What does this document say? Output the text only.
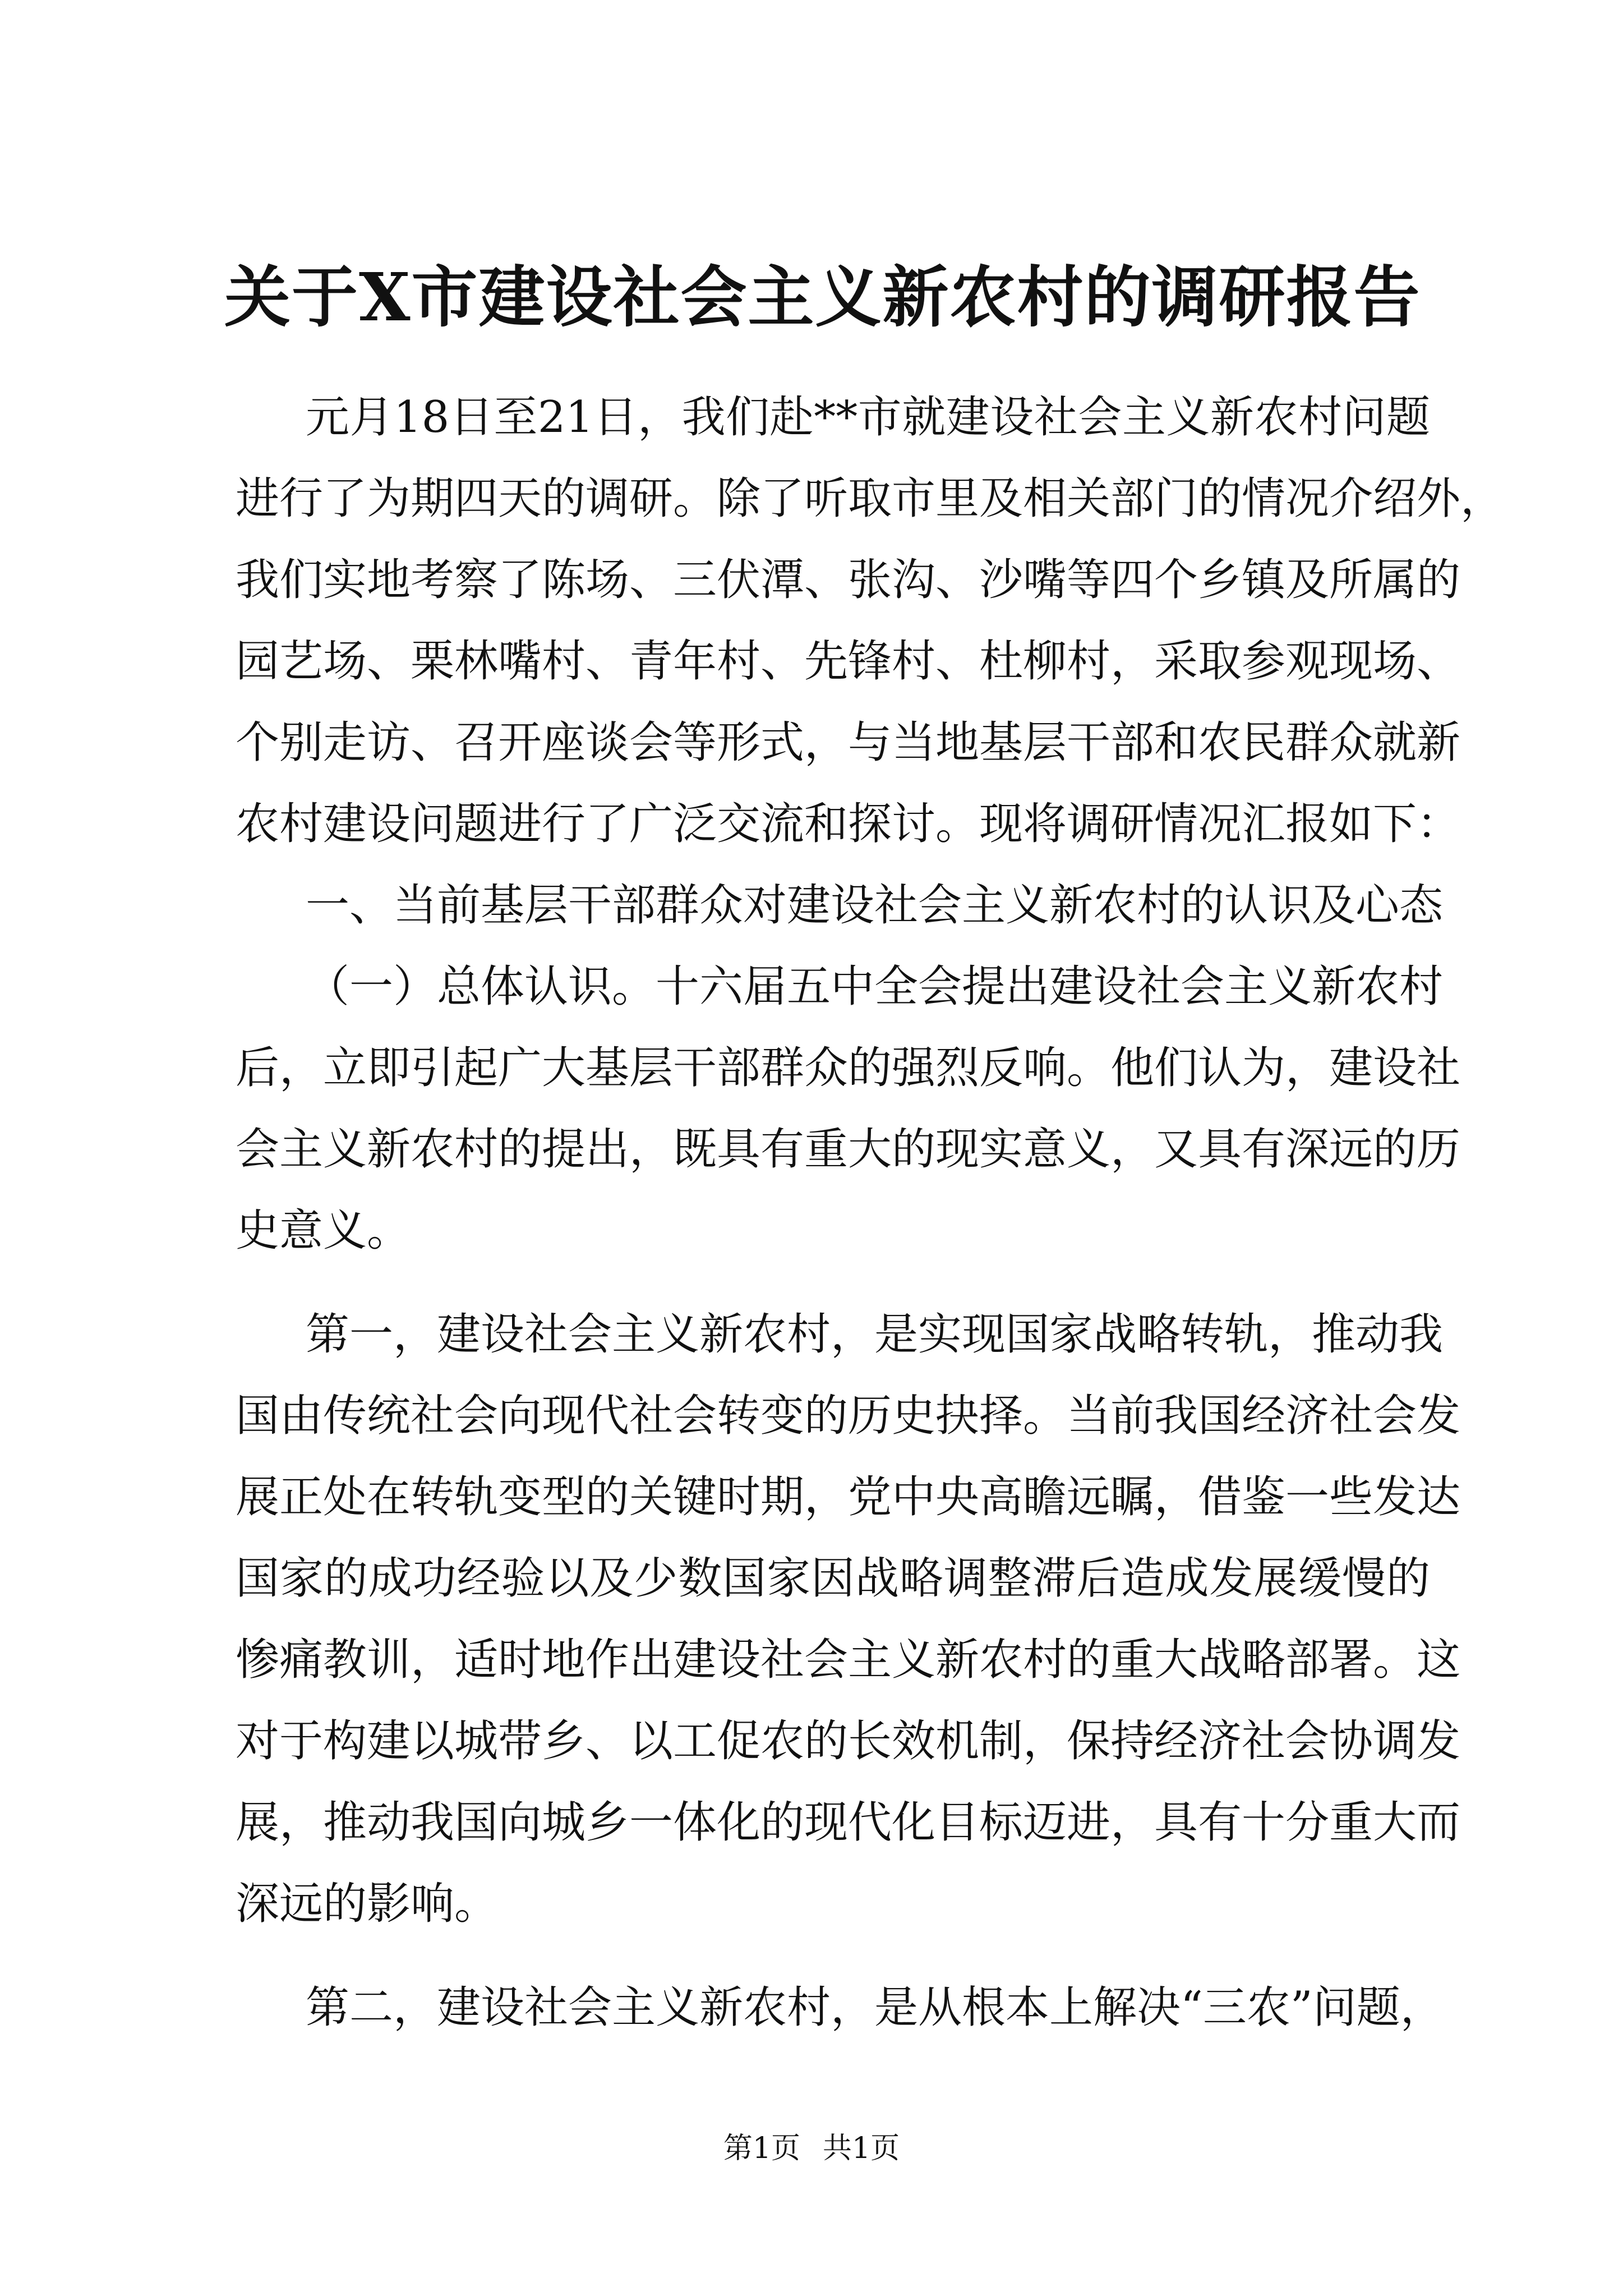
关于X市建设社会主义新农村的调研报告
元月18日至21日，我们赴**市就建设社会主义新农村问题
进行了为期四天的调研。除了听取市里及相关部门的情况介绍外，
我们实地考察了陈场、三伏潭、张沟、沙嘴等四个乡镇及所属的
园艺场、栗林嘴村、青年村、先锋村、杜柳村，采取参观现场、
个别走访、召开座谈会等形式，与当地基层干部和农民群众就新
农村建设问题进行了广泛交流和探讨。现将调研情况汇报如下：
一、当前基层干部群众对建设社会主义新农村的认识及心态
（一）总体认识。十六届五中全会提出建设社会主义新农村
后，立即引起广大基层干部群众的强烈反响。他们认为，建设社
会主义新农村的提出，既具有重大的现实意义，又具有深远的历
史意义。
第一，建设社会主义新农村，是实现国家战略转轨，推动我
国由传统社会向现代社会转变的历史抉择。当前我国经济社会发
展正处在转轨变型的关键时期，党中央高瞻远瞩，借鉴一些发达
国家的成功经验以及少数国家因战略调整滞后造成发展缓慢的
惨痛教训，适时地作出建设社会主义新农村的重大战略部署。这
对于构建以城带乡、以工促农的长效机制，保持经济社会协调发
展，推动我国向城乡一体化的现代化目标迈进，具有十分重大而
深远的影响。
第二，建设社会主义新农村，是从根本上解决“三农”问题，
第1页 共1页
